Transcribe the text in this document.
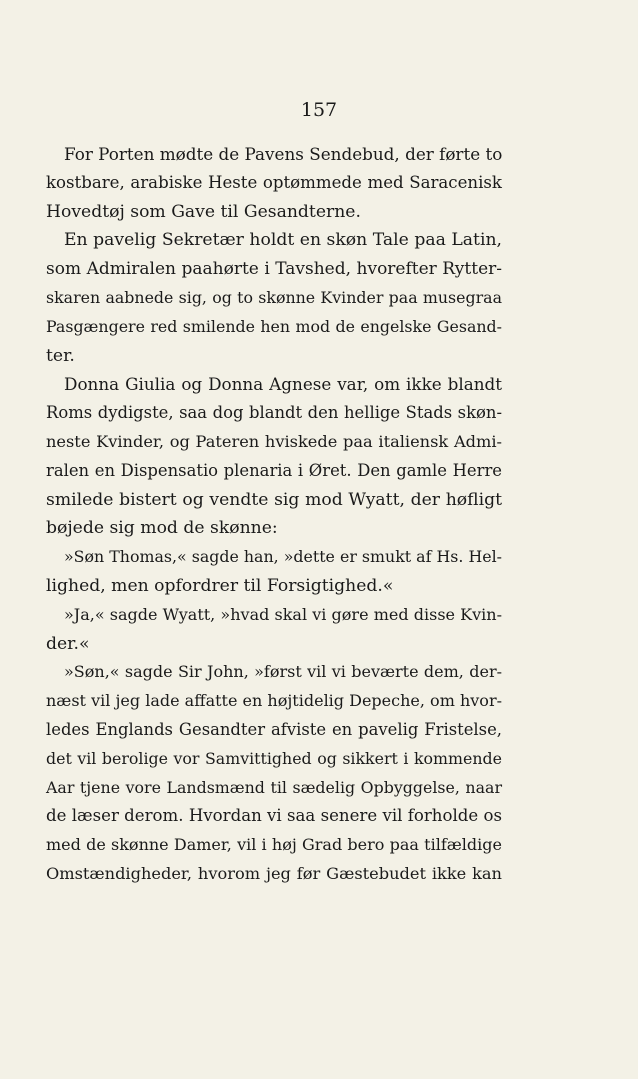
157
For Porten mødte de Pavens Sendebud, der førte to
kostbare, arabiske Heste optømmede med Saracenisk
Hovedtøj som Gave til Gesandterne.
En pavelig Sekretær holdt en skøn Tale paa Latin,
som Admiralen paahørte i Tavshed, hvorefter Rytter-
skaren aabnede sig, og to skønne Kvinder paa musegraa
Pasgængere red smilende hen mod de engelske Gesand-
ter.
Donna Giulia og Donna Agnese var, om ikke blandt
Roms dydigste, saa dog blandt den hellige Stads skøn-
neste Kvinder, og Pateren hviskede paa italiensk Admi-
ralen en Dispensatio plenaria i Øret. Den gamle Herre
smilede bistert og vendte sig mod Wyatt, der høfligt
bøjede sig mod de skønne:
»Søn Thomas,« sagde han, »dette er smukt af Hs. Hel-
lighed, men opfordrer til Forsigtighed.«
»Ja,« sagde Wyatt, »hvad skal vi gøre med disse Kvin-
der.«
»Søn,« sagde Sir John, »først vil vi beværte dem, der-
næst vil jeg lade affatte en højtidelig Depeche, om hvor-
ledes Englands Gesandter afviste en pavelig Fristelse,
det vil berolige vor Samvittighed og sikkert i kommende
Aar tjene vore Landsmænd til sædelig Opbyggelse, naar
de læser derom. Hvordan vi saa senere vil forholde os
med de skønne Damer, vil i høj Grad bero paa tilfældige
Omstændigheder, hvorom jeg før Gæstebudet ikke kan
